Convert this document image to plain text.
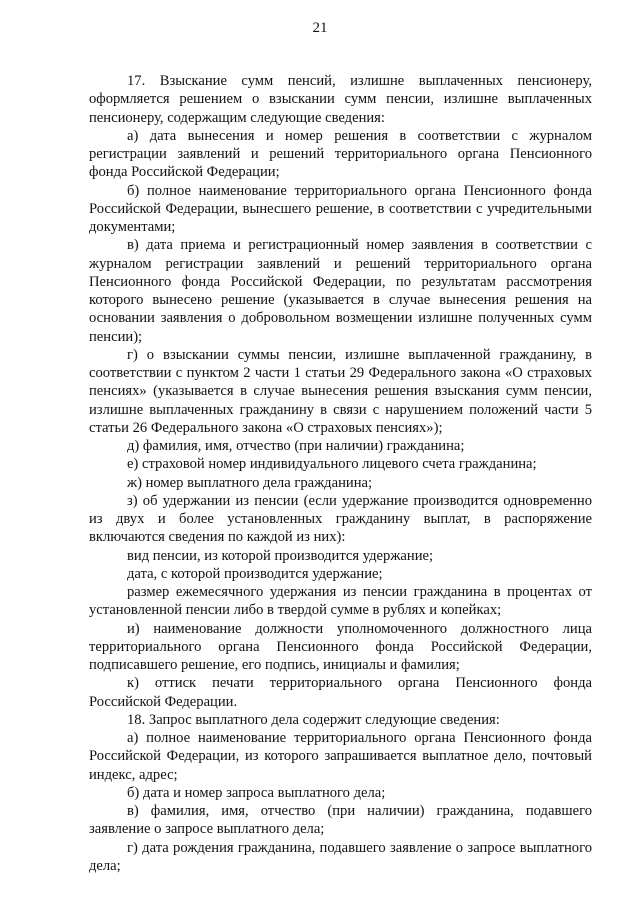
21

17. Взыскание сумм пенсий, излишне выплаченных пенсионеру, оформляется решением о взыскании сумм пенсии, излишне выплаченных пенсионеру, содержащим следующие сведения:

а) дата вынесения и номер решения в соответствии с журналом регистрации заявлений и решений территориального органа Пенсионного фонда Российской Федерации;

б) полное наименование территориального органа Пенсионного фонда Российской Федерации, вынесшего решение, в соответствии с учредительными документами;

в) дата приема и регистрационный номер заявления в соответствии с журналом регистрации заявлений и решений территориального органа Пенсионного фонда Российской Федерации, по результатам рассмотрения которого вынесено решение (указывается в случае вынесения решения на основании заявления о добровольном возмещении излишне полученных сумм пенсии);

г) о взыскании суммы пенсии, излишне выплаченной гражданину, в соответствии с пунктом 2 части 1 статьи 29 Федерального закона «О страховых пенсиях» (указывается в случае вынесения решения взыскания сумм пенсии, излишне выплаченных гражданину в связи с нарушением положений части 5 статьи 26 Федерального закона «О страховых пенсиях»);

д) фамилия, имя, отчество (при наличии) гражданина;

е) страховой номер индивидуального лицевого счета гражданина;

ж) номер выплатного дела гражданина;

з) об удержании из пенсии (если удержание производится одновременно из двух и более установленных гражданину выплат, в распоряжение включаются сведения по каждой из них):

вид пенсии, из которой производится удержание;

дата, с которой производится удержание;

размер ежемесячного удержания из пенсии гражданина в процентах от установленной пенсии либо в твердой сумме в рублях и копейках;

и) наименование должности уполномоченного должностного лица территориального органа Пенсионного фонда Российской Федерации, подписавшего решение, его подпись, инициалы и фамилия;

к) оттиск печати территориального органа Пенсионного фонда Российской Федерации.

18. Запрос выплатного дела содержит следующие сведения:

а) полное наименование территориального органа Пенсионного фонда Российской Федерации, из которого запрашивается выплатное дело, почтовый индекс, адрес;

б) дата и номер запроса выплатного дела;

в) фамилия, имя, отчество (при наличии) гражданина, подавшего заявление о запросе выплатного дела;

г) дата рождения гражданина, подавшего заявление о запросе выплатного дела;
